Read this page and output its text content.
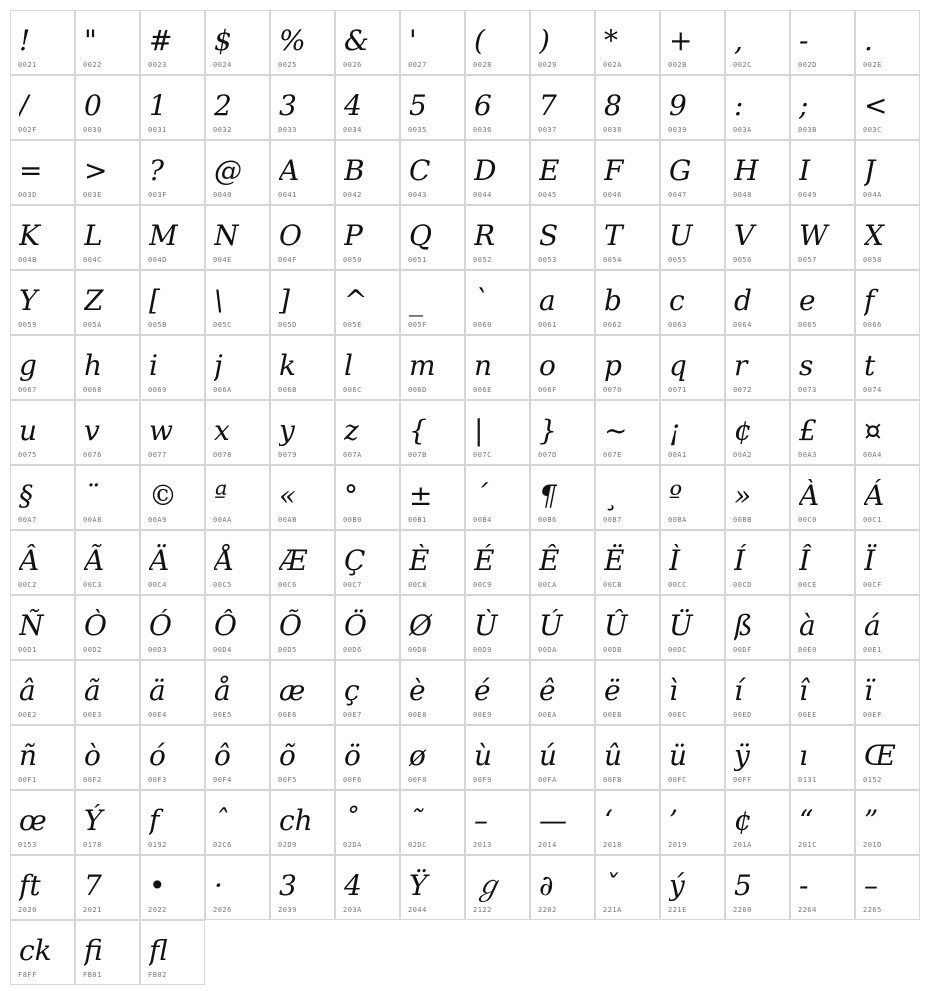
!
0021
"
0022
#
0023
$
0024
%
0025
&
0026
'
0027
(
0028
)
0029
*
002A
+
002B
,
002C
-
002D
.
002E
/
002F
0
0030
1
0031
2
0032
3
0033
4
0034
5
0035
6
0036
7
0037
8
0038
9
0039
:
003A
;
003B
<
003C
=
003D
>
003E
?
003F
@
0040
A
0041
B
0042
C
0043
D
0044
E
0045
F
0046
G
0047
H
0048
I
0049
J
004A
K
004B
L
004C
M
004D
N
004E
O
004F
P
0050
Q
0051
R
0052
S
0053
T
0054
U
0055
V
0056
W
0057
X
0058
Y
0059
Z
005A
[
005B
\
005C
]
005D
^
005E
_
005F
`
0060
a
0061
b
0062
c
0063
d
0064
e
0065
f
0066
g
0067
h
0068
i
0069
j
006A
k
006B
l
006C
m
006D
n
006E
o
006F
p
0070
q
0071
r
0072
s
0073
t
0074
u
0075
v
0076
w
0077
x
0078
y
0079
z
007A
{
007B
|
007C
}
007D
~
007E
¡
00A1
¢
00A2
£
00A3
¤
00A4
§
00A7
¨
00A8
©
00A9
ª
00AA
«
00AB
°
00B0
±
00B1
´
00B4
¶
00B6
¸
00B7
º
00BA
»
00BB
À
00C0
Á
00C1
Â
00C2
Ã
00C3
Ä
00C4
Å
00C5
Æ
00C6
Ç
00C7
È
00C8
É
00C9
Ê
00CA
Ë
00CB
Ì
00CC
Í
00CD
Î
00CE
Ï
00CF
Ñ
00D1
Ò
00D2
Ó
00D3
Ô
00D4
Õ
00D5
Ö
00D6
Ø
00D8
Ù
00D9
Ú
00DA
Û
00DB
Ü
00DC
ß
00DF
à
00E0
á
00E1
â
00E2
ã
00E3
ä
00E4
å
00E5
æ
00E6
ç
00E7
è
00E8
é
00E9
ê
00EA
ë
00EB
ì
00EC
í
00ED
î
00EE
ï
00EF
ñ
00F1
ò
00F2
ó
00F3
ô
00F4
õ
00F5
ö
00F6
ø
00F8
ù
00F9
ú
00FA
û
00FB
ü
00FC
ÿ
00FF
ı
0131
Œ
0152
œ
0153
Ý
0178
ƒ
0192
ˆ
02C6
ch
02D9
˚
02DA
˜
02DC
–
2013
—
2014
‘
2018
’
2019
¢
201A
“
201C
”
201D
ft
2020
7
2021
•
2022
·
2026
3
2039
4
203A
Ÿ
2044
ℊ
2122
∂
2202
ˇ
221A
ý
221E
5
2260
-
2264
–
2265
ck
F8FF
fi
FB01
fl
FB02
